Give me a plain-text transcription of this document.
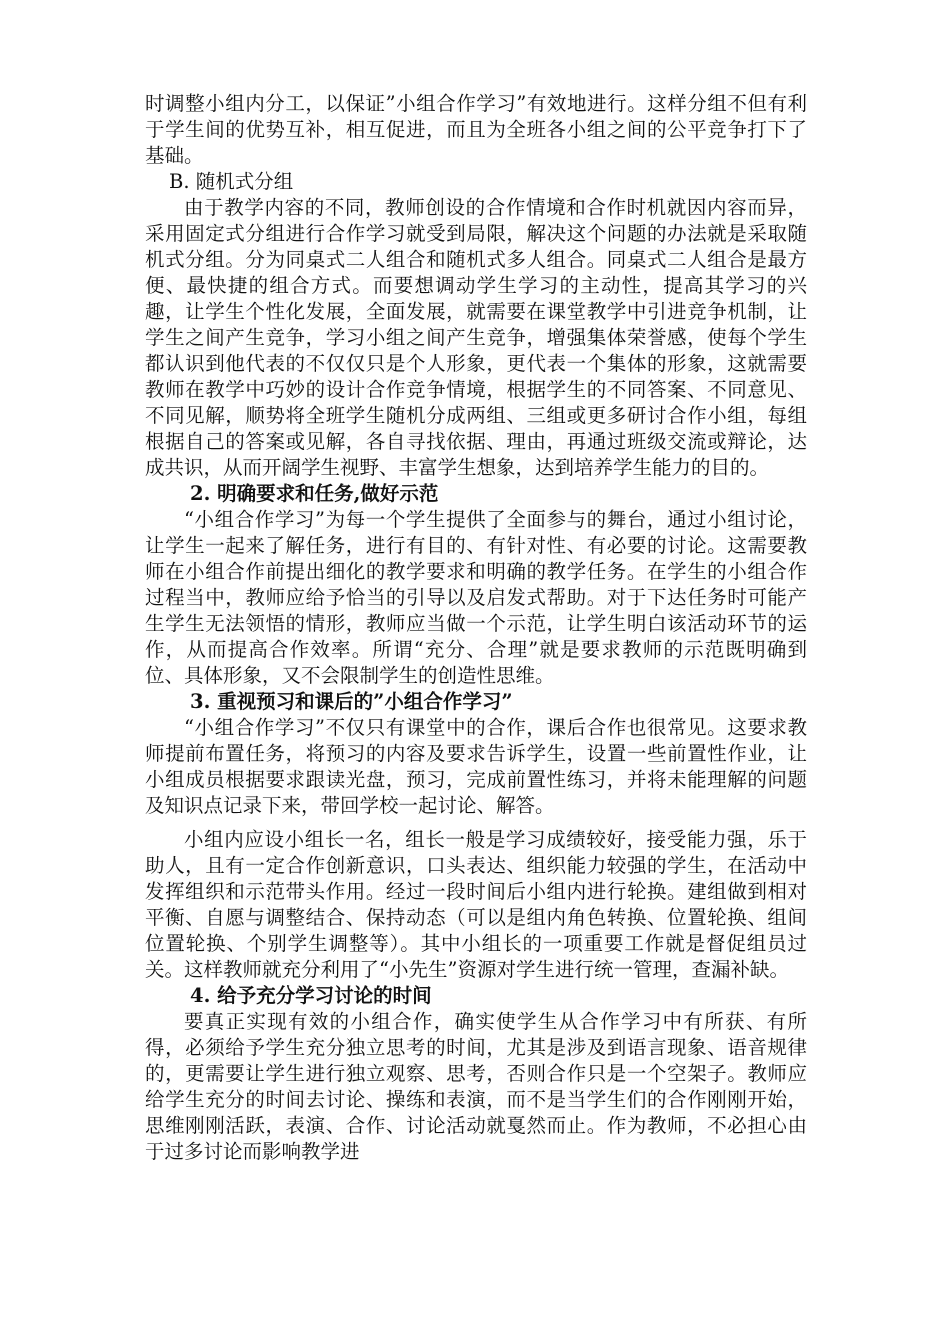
时调整小组内分工，以保证”小组合作学习”有效地进行。这样分组不但有利于学生间的优势互补，相互促进，而且为全班各小组之间的公平竞争打下了基础。

B. 随机式分组

由于教学内容的不同，教师创设的合作情境和合作时机就因内容而异，采用固定式分组进行合作学习就受到局限，解决这个问题的办法就是采取随机式分组。分为同桌式二人组合和随机式多人组合。同桌式二人组合是最方便、最快捷的组合方式。而要想调动学生学习的主动性，提高其学习的兴趣，让学生个性化发展，全面发展，就需要在课堂教学中引进竞争机制，让学生之间产生竞争，学习小组之间产生竞争，增强集体荣誉感，使每个学生都认识到他代表的不仅仅只是个人形象，更代表一个集体的形象，这就需要教师在教学中巧妙的设计合作竞争情境，根据学生的不同答案、不同意见、不同见解，顺势将全班学生随机分成两组、三组或更多研讨合作小组，每组根据自己的答案或见解，各自寻找依据、理由，再通过班级交流或辩论，达成共识，从而开阔学生视野、丰富学生想象，达到培养学生能力的目的。

2. 明确要求和任务,做好示范

“小组合作学习”为每一个学生提供了全面参与的舞台，通过小组讨论，让学生一起来了解任务，进行有目的、有针对性、有必要的讨论。这需要教师在小组合作前提出细化的教学要求和明确的教学任务。在学生的小组合作过程当中，教师应给予恰当的引导以及启发式帮助。对于下达任务时可能产生学生无法领悟的情形，教师应当做一个示范，让学生明白该活动环节的运作，从而提高合作效率。所谓“充分、合理”就是要求教师的示范既明确到位、具体形象，又不会限制学生的创造性思维。

3. 重视预习和课后的”小组合作学习”

“小组合作学习”不仅只有课堂中的合作，课后合作也很常见。这要求教师提前布置任务，将预习的内容及要求告诉学生，设置一些前置性作业，让小组成员根据要求跟读光盘，预习，完成前置性练习，并将未能理解的问题及知识点记录下来，带回学校一起讨论、解答。

小组内应设小组长一名，组长一般是学习成绩较好，接受能力强，乐于助人，且有一定合作创新意识，口头表达、组织能力较强的学生，在活动中发挥组织和示范带头作用。经过一段时间后小组内进行轮换。建组做到相对平衡、自愿与调整结合、保持动态（可以是组内角色转换、位置轮换、组间位置轮换、个别学生调整等）。其中小组长的一项重要工作就是督促组员过关。这样教师就充分利用了“小先生”资源对学生进行统一管理，查漏补缺。

4. 给予充分学习讨论的时间

要真正实现有效的小组合作，确实使学生从合作学习中有所获、有所得，必须给予学生充分独立思考的时间，尤其是涉及到语言现象、语音规律的，更需要让学生进行独立观察、思考，否则合作只是一个空架子。教师应给学生充分的时间去讨论、操练和表演，而不是当学生们的合作刚刚开始，思维刚刚活跃，表演、合作、讨论活动就戛然而止。作为教师，不必担心由于过多讨论而影响教学进
